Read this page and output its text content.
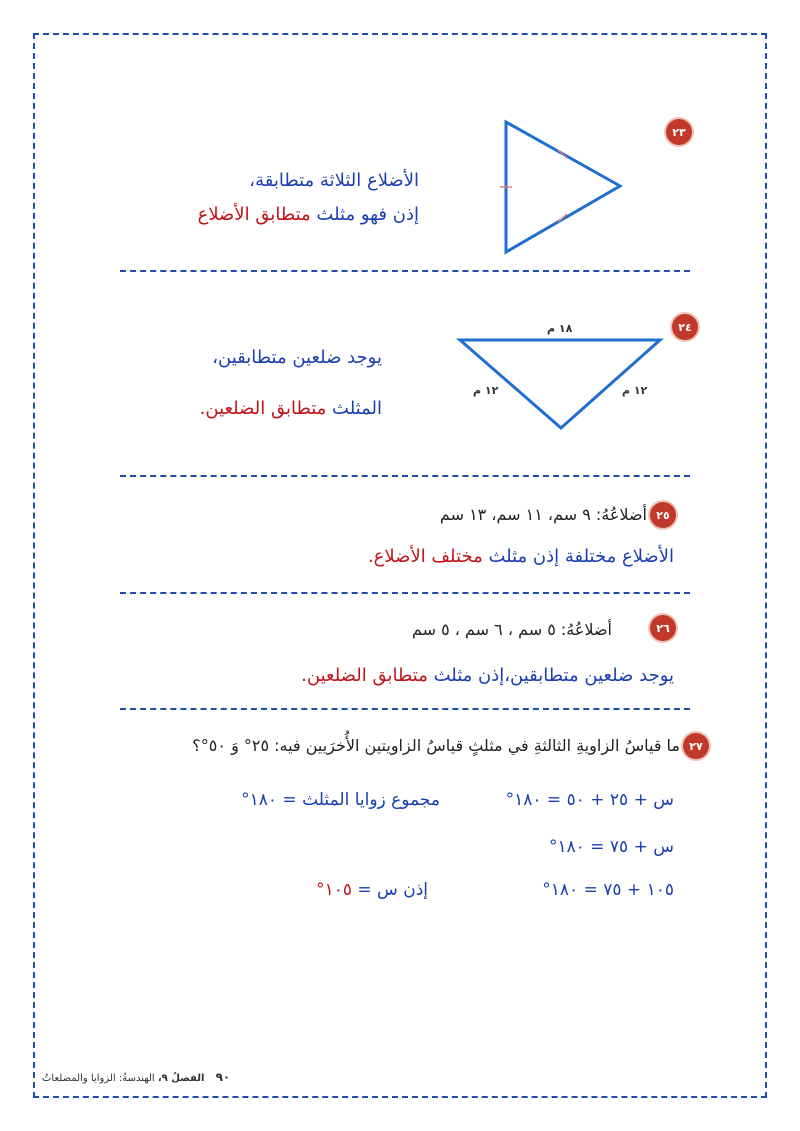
٢٣
الأضلاع الثلاثة متطابقة،
إذن فهو مثلث متطابق الأضلاع
٢٤
١٨ م
١٢ م	١٢ م
يوجد ضلعين متطابقين،
المثلث متطابق الضلعين.
٢٥
أضلاعُهُ: ٩ سم، ١١ سم، ١٣ سم
الأضلاع مختلفة إذن مثلث مختلف الأضلاع.
٢٦
أضلاعُهُ: ٥ سم ، ٦ سم ، ٥ سم
يوجد ضلعين متطابقين،إذن مثلث متطابق الضلعين.
٢٧
ما قياسُ الزاويةِ الثالثةِ في مثلثٍ قياسُ الزاويتين الأُخرَيين فيه: ٢٥° وَ ٥٠°؟
س + ٢٥ + ٥٠ = ١٨٠°
مجموع زوايا المثلث = ١٨٠°
س + ٧٥ = ١٨٠°
١٠٥ + ٧٥ = ١٨٠°
إذن س = ١٠٥°
٩٠ الفصلُ ٩، الهندسةُ: الزوايا والمضلعاتُ
